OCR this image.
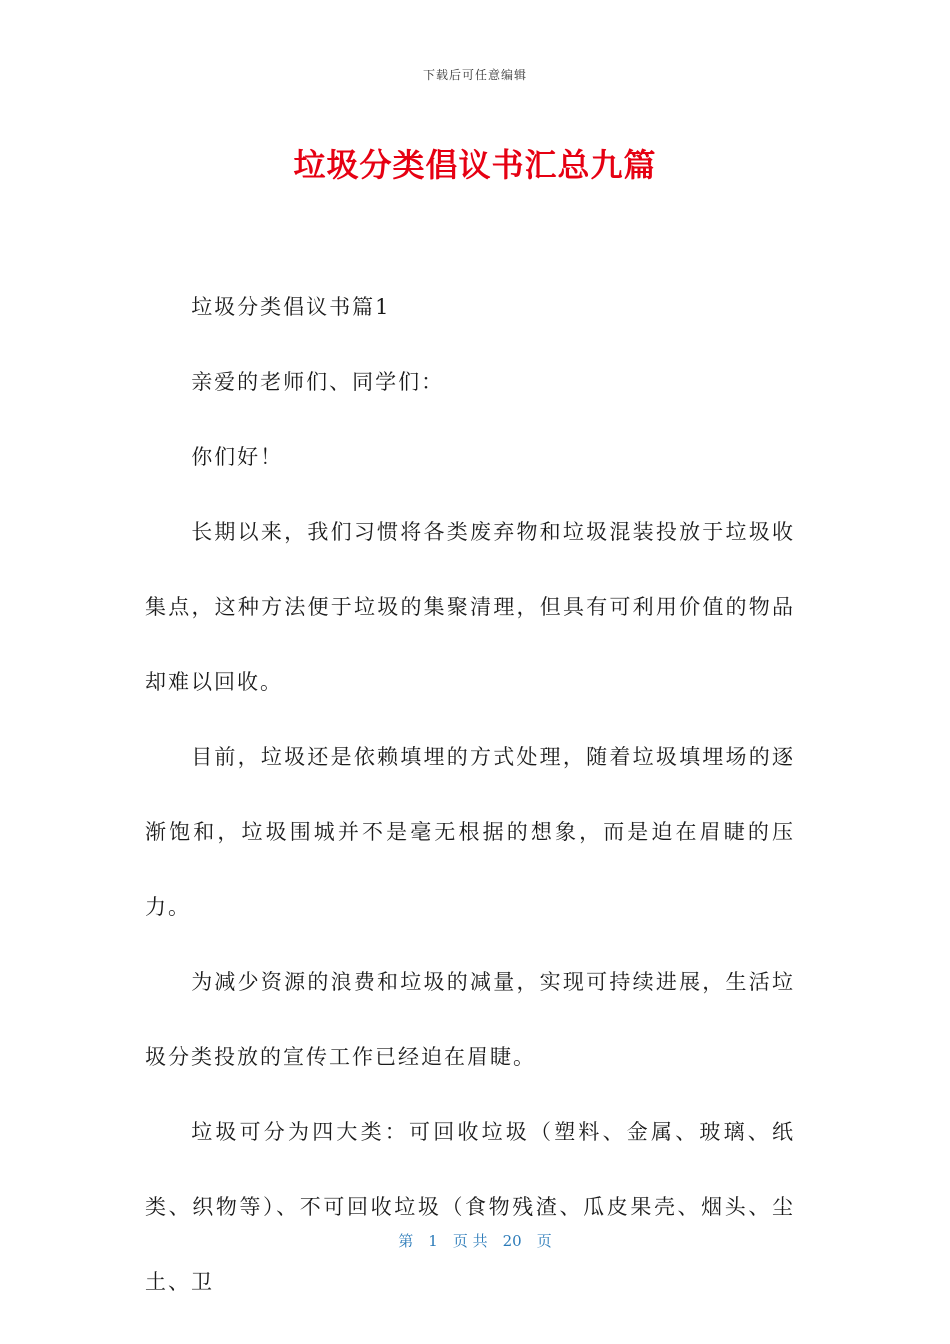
下载后可任意编辑
垃圾分类倡议书汇总九篇

垃圾分类倡议书篇1

亲爱的老师们、同学们：

你们好！

长期以来，我们习惯将各类废弃物和垃圾混装投放于垃圾收集点，这种方法便于垃圾的集聚清理，但具有可利用价值的物品却难以回收。

目前，垃圾还是依赖填埋的方式处理，随着垃圾填埋场的逐渐饱和，垃圾围城并不是毫无根据的想象，而是迫在眉睫的压力。

为减少资源的浪费和垃圾的减量，实现可持续进展，生活垃圾分类投放的宣传工作已经迫在眉睫。

垃圾可分为四大类：可回收垃圾（塑料、金属、玻璃、纸类、织物等）、不可回收垃圾（食物残渣、瓜皮果壳、烟头、尘土、卫

第　1　页 共　20　页
